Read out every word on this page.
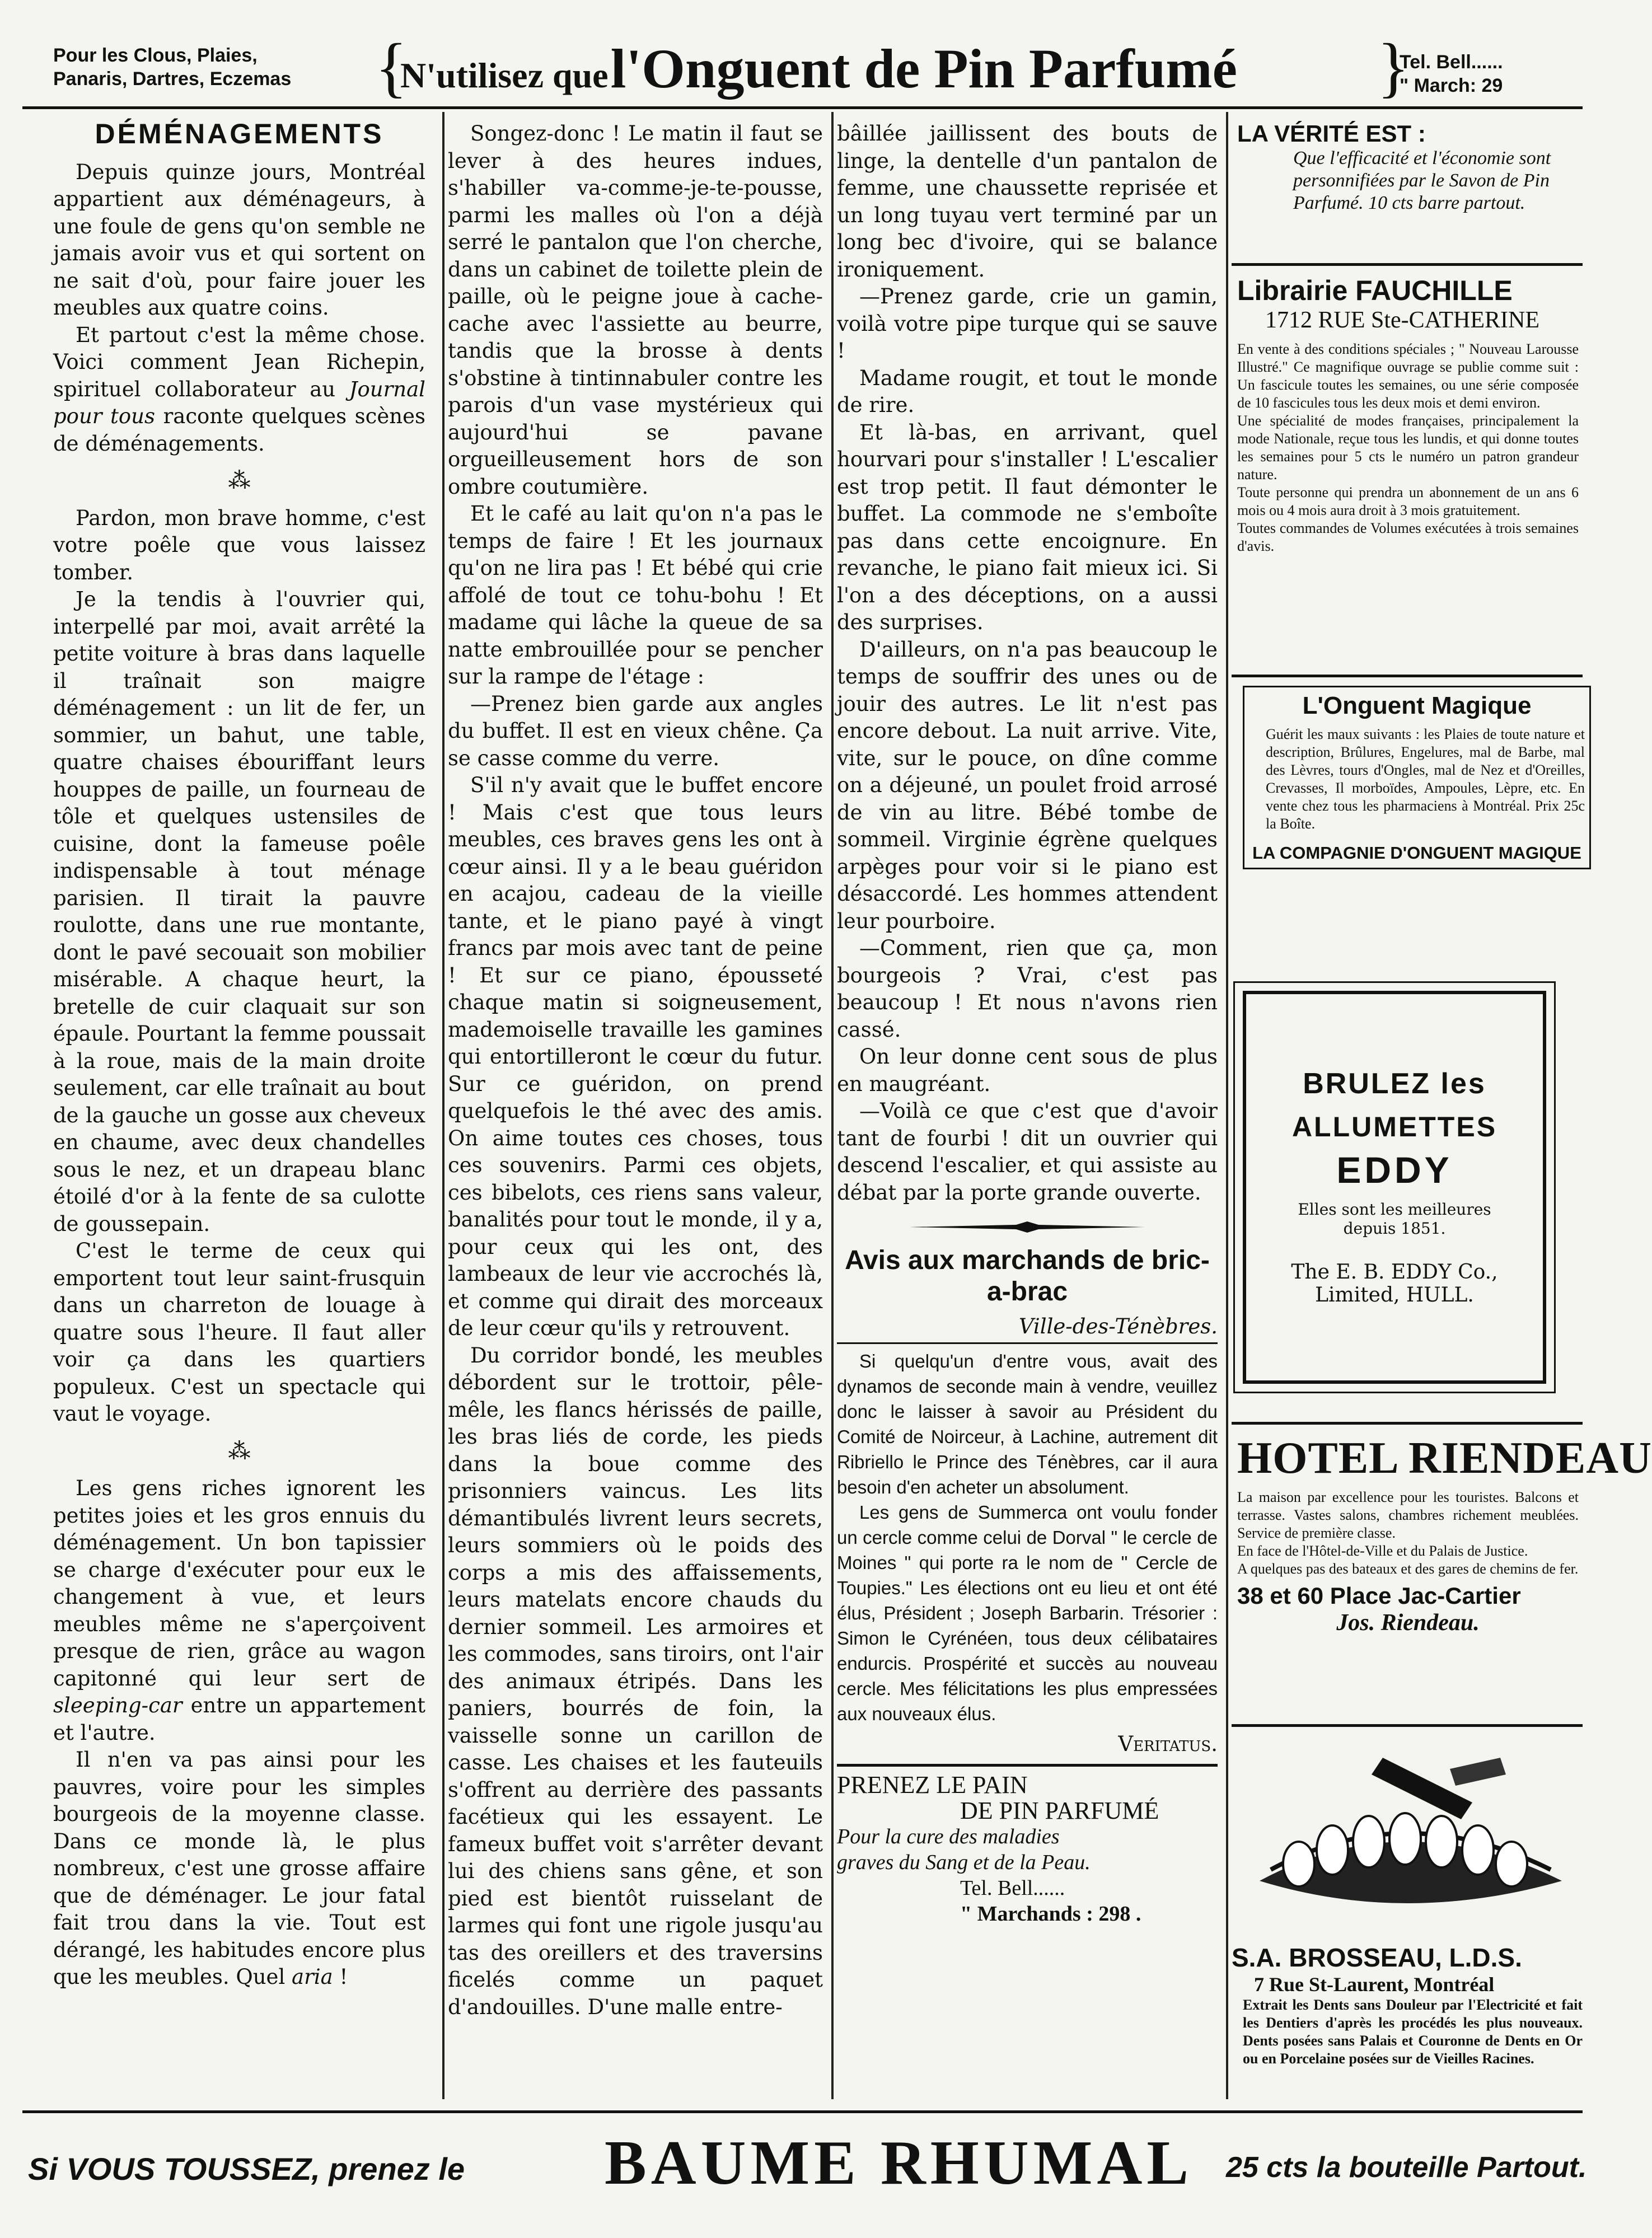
Pour les Clous, Plaies,
Panaris, Dartres, Eczemas {
N'utilisez que l'Onguent de Pin Parfumé }
Tel. Bell......
" March: 29
DÉMÉNAGEMENTS

Depuis quinze jours, Montréal appartient aux déménageurs, à une foule de gens qu'on semble ne jamais avoir vus et qui sortent on ne sait d'où, pour faire jouer les meubles aux quatre coins.

Et partout c'est la même chose. Voici comment Jean Richepin, spirituel collaborateur au Journal pour tous raconte quelques scènes de déménagements.

⁂

Pardon, mon brave homme, c'est votre poêle que vous laissez tomber.

Je la tendis à l'ouvrier qui, interpellé par moi, avait arrêté la petite voiture à bras dans laquelle il traînait son maigre déménagement : un lit de fer, un sommier, un bahut, une table, quatre chaises ébouriffant leurs houppes de paille, un fourneau de tôle et quelques ustensiles de cuisine, dont la fameuse poêle indispensable à tout ménage parisien. Il tirait la pauvre roulotte, dans une rue montante, dont le pavé secouait son mobilier misérable. A chaque heurt, la bretelle de cuir claquait sur son épaule. Pourtant la femme poussait à la roue, mais de la main droite seulement, car elle traînait au bout de la gauche un gosse aux cheveux en chaume, avec deux chandelles sous le nez, et un drapeau blanc étoilé d'or à la fente de sa culotte de goussepain.

C'est le terme de ceux qui emportent tout leur saint-frusquin dans un charreton de louage à quatre sous l'heure. Il faut aller voir ça dans les quartiers populeux. C'est un spectacle qui vaut le voyage.

⁂

Les gens riches ignorent les petites joies et les gros ennuis du déménagement. Un bon tapissier se charge d'exécuter pour eux le changement à vue, et leurs meubles même ne s'aperçoivent presque de rien, grâce au wagon capitonné qui leur sert de sleeping-car entre un appartement et l'autre.

Il n'en va pas ainsi pour les pauvres, voire pour les simples bourgeois de la moyenne classe. Dans ce monde là, le plus nombreux, c'est une grosse affaire que de déménager. Le jour fatal fait trou dans la vie. Tout est dérangé, les habitudes encore plus que les meubles. Quel aria !

Songez-donc ! Le matin il faut se lever à des heures indues, s'habiller va-comme-je-te-pousse, parmi les malles où l'on a déjà serré le pantalon que l'on cherche, dans un cabinet de toilette plein de paille, où le peigne joue à cache-cache avec l'assiette au beurre, tandis que la brosse à dents s'obstine à tintinnabuler contre les parois d'un vase mystérieux qui aujourd'hui se pavane orgueilleusement hors de son ombre coutumière.

Et le café au lait qu'on n'a pas le temps de faire ! Et les journaux qu'on ne lira pas ! Et bébé qui crie affolé de tout ce tohu-bohu ! Et madame qui lâche la queue de sa natte embrouillée pour se pencher sur la rampe de l'étage :

—Prenez bien garde aux angles du buffet. Il est en vieux chêne. Ça se casse comme du verre.

S'il n'y avait que le buffet encore ! Mais c'est que tous leurs meubles, ces braves gens les ont à cœur ainsi. Il y a le beau guéridon en acajou, cadeau de la vieille tante, et le piano payé à vingt francs par mois avec tant de peine ! Et sur ce piano, épousseté chaque matin si soigneusement, mademoiselle travaille les gamines qui entortilleront le cœur du futur. Sur ce guéridon, on prend quelquefois le thé avec des amis. On aime toutes ces choses, tous ces souvenirs. Parmi ces objets, ces bibelots, ces riens sans valeur, banalités pour tout le monde, il y a, pour ceux qui les ont, des lambeaux de leur vie accrochés là, et comme qui dirait des morceaux de leur cœur qu'ils y retrouvent.

Du corridor bondé, les meubles débordent sur le trottoir, pêle-mêle, les flancs hérissés de paille, les bras liés de corde, les pieds dans la boue comme des prisonniers vaincus. Les lits démantibulés livrent leurs secrets, leurs sommiers où le poids des corps a mis des affaissements, leurs matelats encore chauds du dernier sommeil. Les armoires et les commodes, sans tiroirs, ont l'air des animaux étripés. Dans les paniers, bourrés de foin, la vaisselle sonne un carillon de casse. Les chaises et les fauteuils s'offrent au derrière des passants facétieux qui les essayent. Le fameux buffet voit s'arrêter devant lui des chiens sans gêne, et son pied est bientôt ruisselant de larmes qui font une rigole jusqu'au tas des oreillers et des traversins ficelés comme un paquet d'andouilles. D'une malle entre-

bâillée jaillissent des bouts de linge, la dentelle d'un pantalon de femme, une chaussette reprisée et un long tuyau vert terminé par un long bec d'ivoire, qui se balance ironiquement.

—Prenez garde, crie un gamin, voilà votre pipe turque qui se sauve !

Madame rougit, et tout le monde de rire.

Et là-bas, en arrivant, quel hourvari pour s'installer ! L'escalier est trop petit. Il faut démonter le buffet. La commode ne s'emboîte pas dans cette encoignure. En revanche, le piano fait mieux ici. Si l'on a des déceptions, on a aussi des surprises.

D'ailleurs, on n'a pas beaucoup le temps de souffrir des unes ou de jouir des autres. Le lit n'est pas encore debout. La nuit arrive. Vite, vite, sur le pouce, on dîne comme on a déjeuné, un poulet froid arrosé de vin au litre. Bébé tombe de sommeil. Virginie égrène quelques arpèges pour voir si le piano est désaccordé. Les hommes attendent leur pourboire.

—Comment, rien que ça, mon bourgeois ? Vrai, c'est pas beaucoup ! Et nous n'avons rien cassé.

On leur donne cent sous de plus en maugréant.

—Voilà ce que c'est que d'avoir tant de fourbi ! dit un ouvrier qui descend l'escalier, et qui assiste au débat par la porte grande ouverte.

Avis aux marchands de bric-a-brac
Ville-des-Ténèbres.

Si quelqu'un d'entre vous, avait des dynamos de seconde main à vendre, veuillez donc le laisser à savoir au Président du Comité de Noirceur, à Lachine, autrement dit Ribriello le Prince des Ténèbres, car il aura besoin d'en acheter un absolument.

Les gens de Summerca ont voulu fonder un cercle comme celui de Dorval " le cercle de Moines " qui porte ra le nom de " Cercle de Toupies." Les élections ont eu lieu et ont été élus, Président ; Joseph Barbarin. Trésorier : Simon le Cyrénéen, tous deux célibataires endurcis. Prospérité et succès au nouveau cercle. Mes félicitations les plus empressées aux nouveaux élus.

Veritatus.
PRENEZ LE PAIN
DE PIN PARFUMÉ
Pour la cure des maladies
graves du Sang et de la Peau.
Tel. Bell......
" Marchands : 298 .
LA VÉRITÉ EST :
Que l'efficacité et l'économie sont personnifiées par le Savon de Pin Parfumé. 10 cts barre partout.
Librairie FAUCHILLE
1712 RUE Ste-CATHERINE
En vente à des conditions spéciales ; " Nouveau Larousse Illustré." Ce magnifique ouvrage se publie comme suit : Un fascicule toutes les semaines, ou une série composée de 10 fascicules tous les deux mois et demi environ.
Une spécialité de modes françaises, principalement la mode Nationale, reçue tous les lundis, et qui donne toutes les semaines pour 5 cts le numéro un patron grandeur nature.
Toute personne qui prendra un abonnement de un ans 6 mois ou 4 mois aura droit à 3 mois gratuitement.
Toutes commandes de Volumes exécutées à trois semaines d'avis.
L'Onguent Magique
Guérit les maux suivants : les Plaies de toute nature et description, Brûlures, Engelures, mal de Barbe, mal des Lèvres, tours d'Ongles, mal de Nez et d'Oreilles, Crevasses, Il morboïdes, Ampoules, Lèpre, etc. En vente chez tous les pharmaciens à Montréal. Prix 25c la Boîte.
LA COMPAGNIE D'ONGUENT MAGIQUE
BRULEZ les
ALLUMETTES
EDDY
Elles sont les meilleures depuis 1851.
The E. B. EDDY Co.,
Limited, HULL.
HOTEL RIENDEAU
La maison par excellence pour les touristes. Balcons et terrasse. Vastes salons, chambres richement meublées. Service de première classe.
En face de l'Hôtel-de-Ville et du Palais de Justice.
A quelques pas des bateaux et des gares de chemins de fer.
38 et 60 Place Jac-Cartier
Jos. Riendeau.
S.A. BROSSEAU, L.D.S.
7 Rue St-Laurent, Montréal
Extrait les Dents sans Douleur par l'Electricité et fait les Dentiers d'après les procédés les plus nouveaux. Dents posées sans Palais et Couronne de Dents en Or ou en Porcelaine posées sur de Vieilles Racines.
Si VOUS TOUSSEZ, prenez le BAUME RHUMAL 25 cts la bouteille Partout.
